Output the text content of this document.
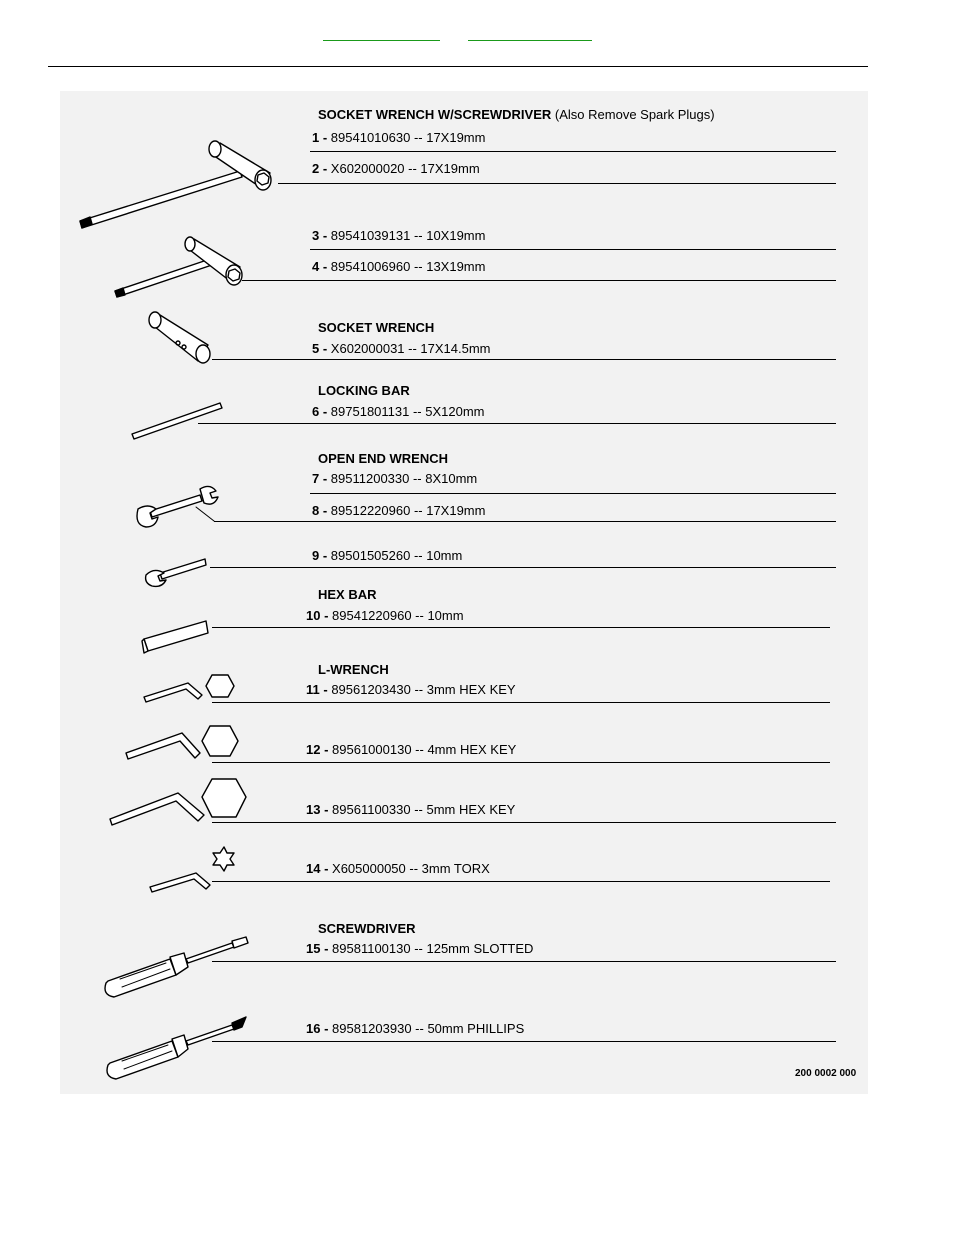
SOCKET WRENCH W/SCREWDRIVER (Also Remove Spark Plugs)
SOCKET WRENCH
LOCKING BAR
OPEN END WRENCH
HEX BAR
L-WRENCH
SCREWDRIVER
1 - 89541010630 -- 17X19mm
2 - X602000020 -- 17X19mm
3 - 89541039131 -- 10X19mm
4 - 89541006960 -- 13X19mm
5 - X602000031 -- 17X14.5mm
6 - 89751801131 -- 5X120mm
7 - 89511200330 -- 8X10mm
8 - 89512220960 -- 17X19mm
9 - 89501505260 -- 10mm
10 - 89541220960 -- 10mm
11 - 89561203430 -- 3mm HEX KEY
12 - 89561000130 -- 4mm HEX KEY
13 - 89561100330 -- 5mm HEX KEY
14 - X605000050 -- 3mm TORX
15 - 89581100130 -- 125mm SLOTTED
16 - 89581203930 -- 50mm PHILLIPS
200 0002 000
